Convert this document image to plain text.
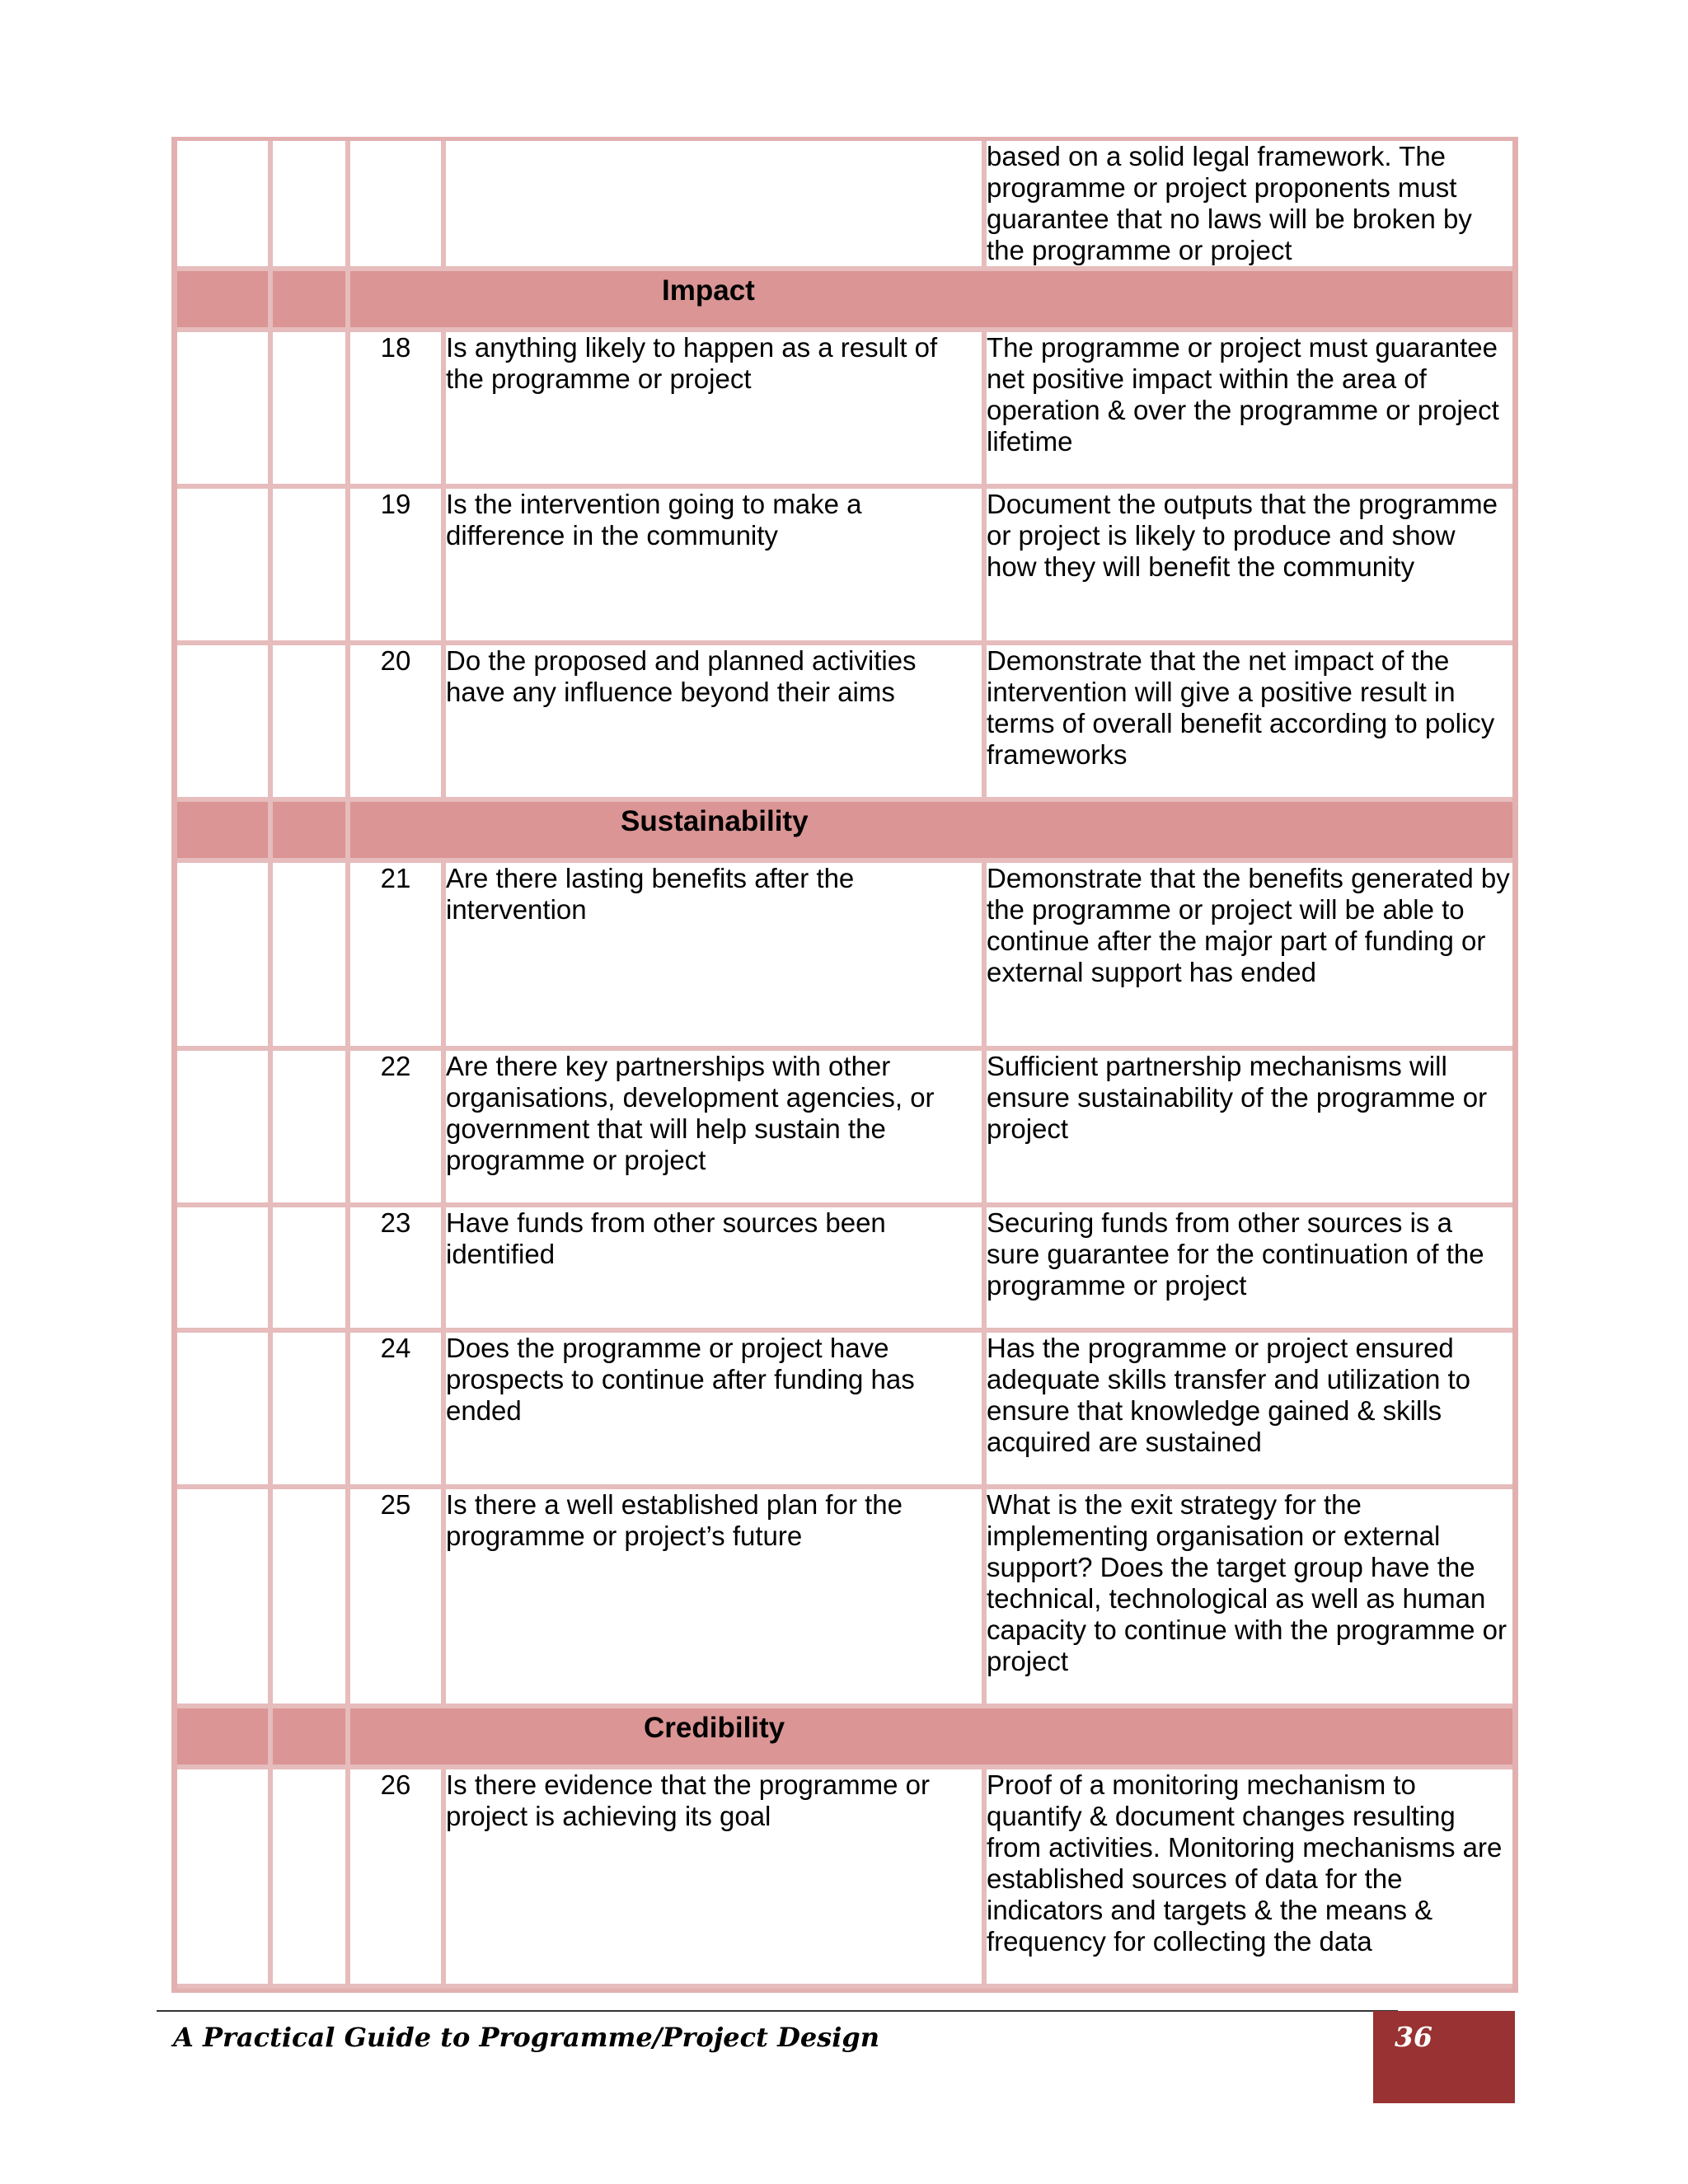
				based on a solid legal framework. The programme or project proponents must guarantee that no laws will be broken by the programme or project
		Impact		
		18	Is anything likely to happen as a result of the programme or project	The programme or project must guarantee net positive impact within the area of operation & over the programme or project lifetime
		19	Is the intervention going to make a difference in the community	Document the outputs that the programme or project is likely to produce and show how they will benefit the community
		20	Do the proposed and planned activities have any influence beyond their aims	Demonstrate that the net impact of the intervention will give a positive result in terms of overall benefit according to policy frameworks
		Sustainability		
		21	Are there lasting benefits after the intervention	Demonstrate that the benefits generated by the programme or project will be able to continue after the major part of funding or external support has ended
		22	Are there key partnerships with other organisations, development agencies, or government that will help sustain the programme or project	Sufficient partnership mechanisms will ensure sustainability of the programme or project
		23	Have funds from other sources been identified	Securing funds from other sources is a sure guarantee for the continuation of the programme or project
		24	Does the programme or project have prospects to continue after funding has ended	Has the programme or project ensured adequate skills transfer and utilization to ensure that knowledge gained & skills acquired are sustained
		25	Is there a well established plan for the programme or project’s future	What is the exit strategy for the implementing organisation or external support? Does the target group have the technical, technological as well as human capacity to continue with the programme or project
		Credibility		
		26	Is there evidence that the programme or project is achieving its goal	Proof of a monitoring mechanism to quantify & document changes resulting from activities. Monitoring mechanisms are established sources of data for the indicators and targets & the means & frequency for collecting the data
A Practical Guide to Programme/Project Design	36
